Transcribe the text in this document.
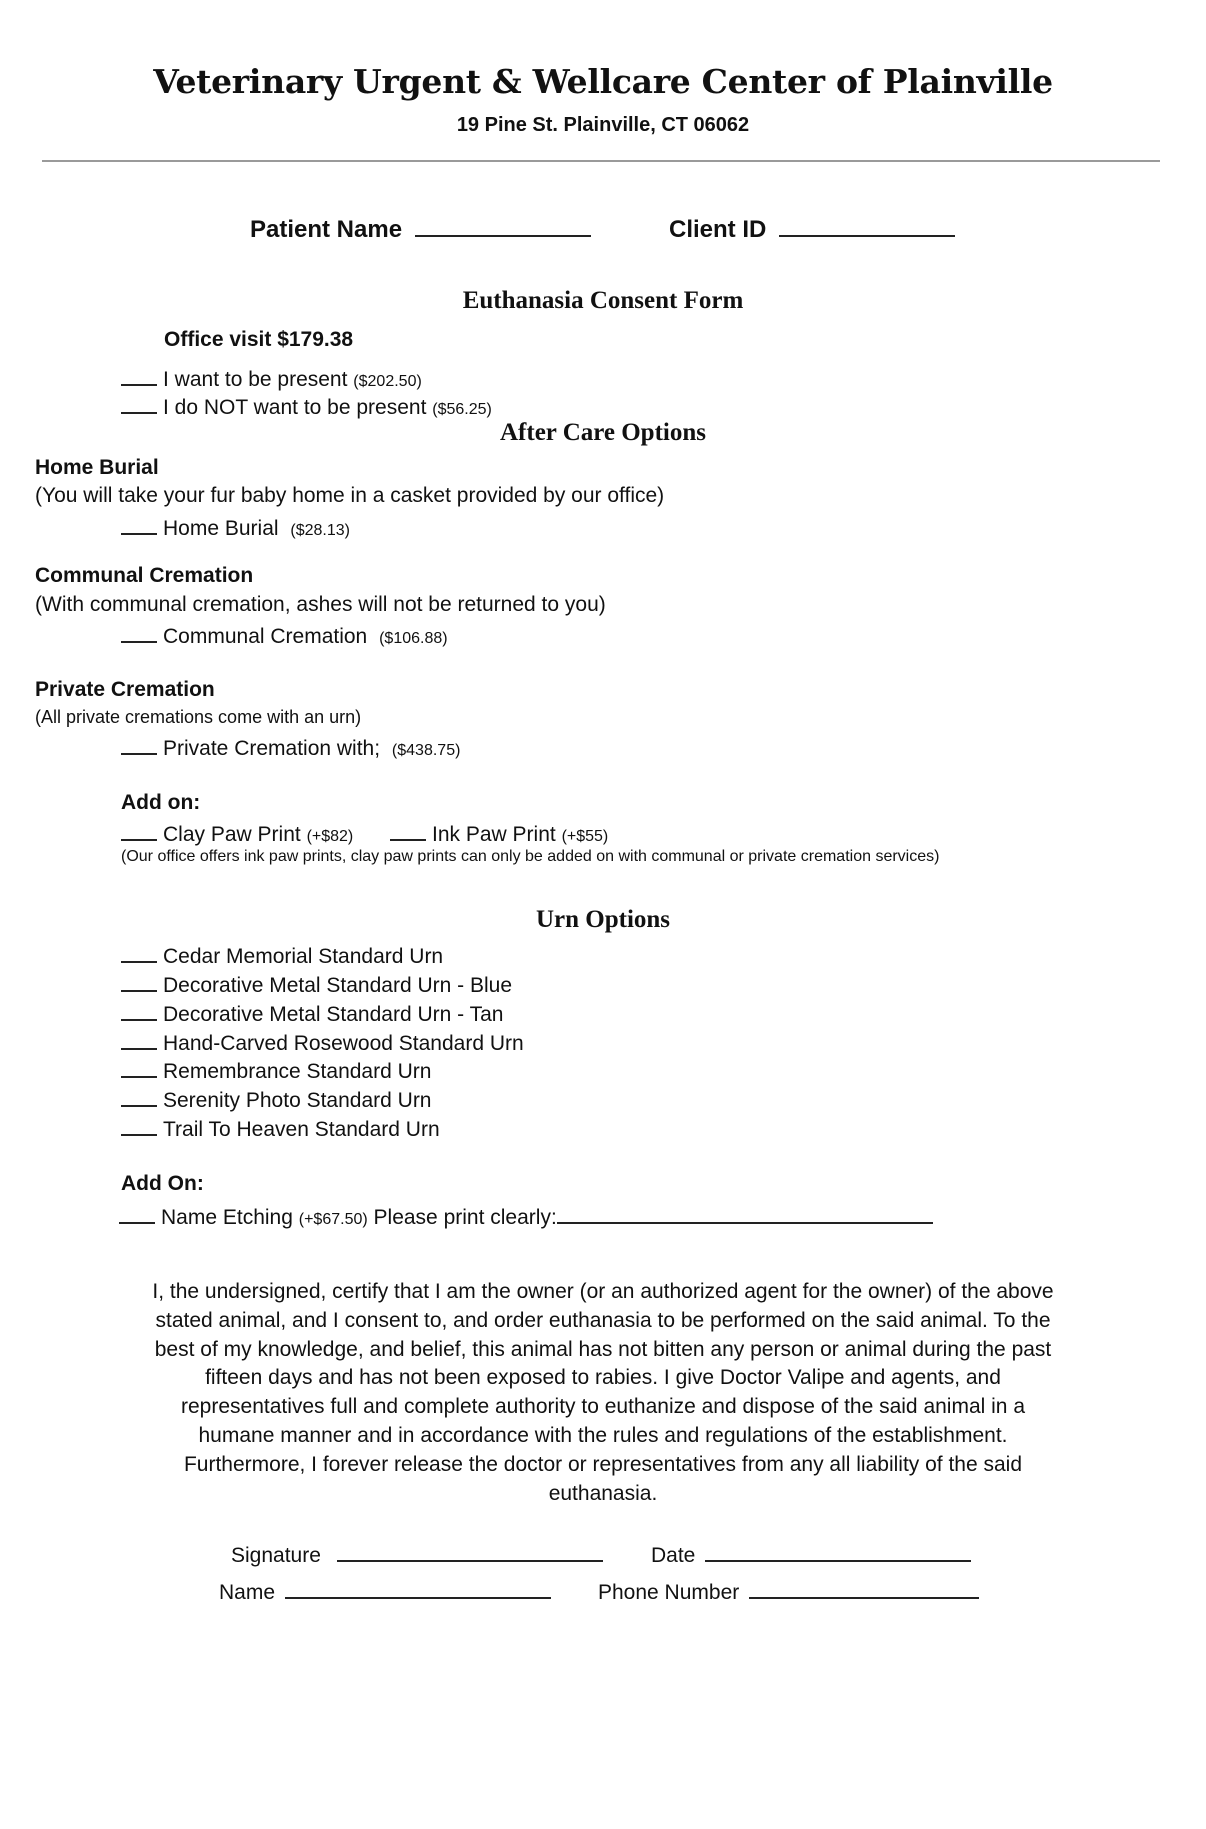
Veterinary Urgent & Wellcare Center of Plainville
19 Pine St. Plainville, CT 06062
Patient Name	Client ID
Euthanasia Consent Form
Office visit $179.38
I want to be present ($202.50)
I do NOT want to be present ($56.25)
After Care Options
Home Burial
(You will take your fur baby home in a casket provided by our office)
Home Burial ($28.13)
Communal Cremation
(With communal cremation, ashes will not be returned to you)
Communal Cremation ($106.88)
Private Cremation
(All private cremations come with an urn)
Private Cremation with; ($438.75)
Add on:
Clay Paw Print (+$82)	Ink Paw Print (+$55)
(Our office offers ink paw prints, clay paw prints can only be added on with communal or private cremation services)
Urn Options
Cedar Memorial Standard Urn
Decorative Metal Standard Urn - Blue
Decorative Metal Standard Urn - Tan
Hand-Carved Rosewood Standard Urn
Remembrance Standard Urn
Serenity Photo Standard Urn
Trail To Heaven Standard Urn
Add On:
Name Etching (+$67.50) Please print clearly:
I, the undersigned, certify that I am the owner (or an authorized agent for the owner) of the above stated animal, and I consent to, and order euthanasia to be performed on the said animal. To the best of my knowledge, and belief, this animal has not bitten any person or animal during the past fifteen days and has not been exposed to rabies. I give Doctor Valipe and agents, and representatives full and complete authority to euthanize and dispose of the said animal in a humane manner and in accordance with the rules and regulations of the establishment. Furthermore, I forever release the doctor or representatives from any all liability of the said euthanasia.
Signature	Date
Name	Phone Number
